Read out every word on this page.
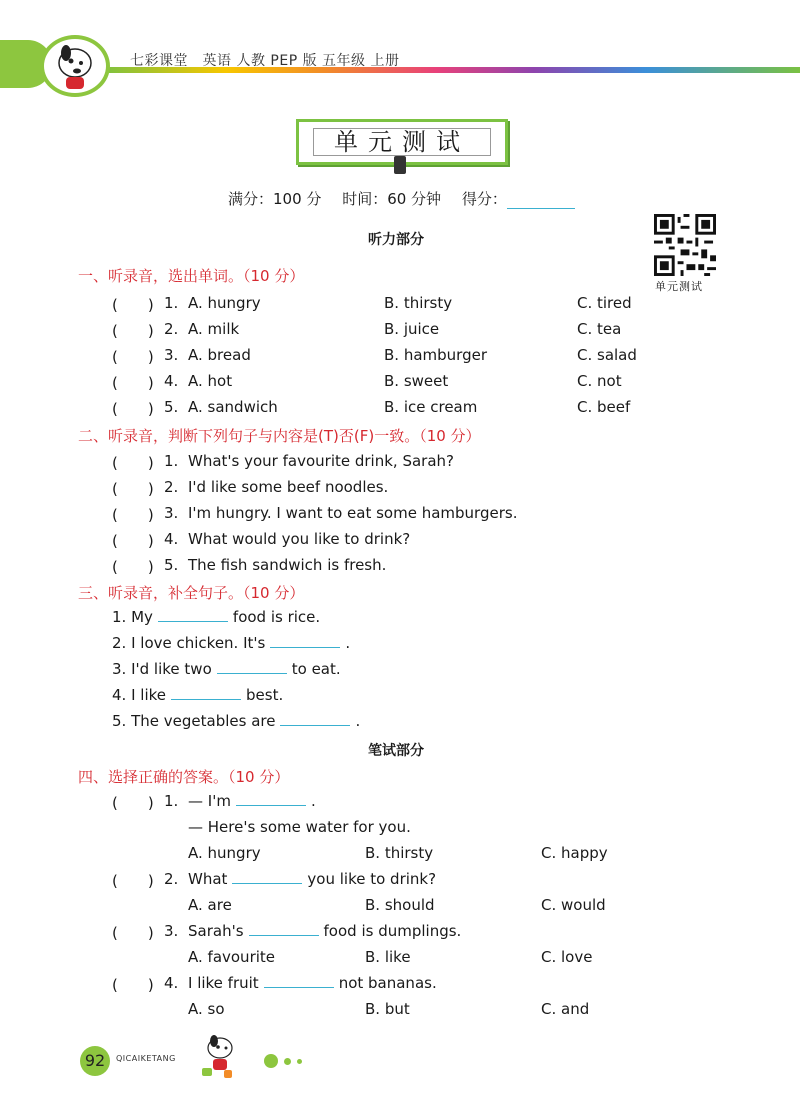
七彩课堂　英语 人教 PEP 版 五年级 上册
单元测试
满分：100 分 时间：60 分钟 得分：
单元测试
听力部分
一、听录音，选出单词。（10 分）
(　　) 1. A. hungry	B. thirsty	C. tired
(　　) 2. A. milk	B. juice	C. tea
(　　) 3. A. bread	B. hamburger	C. salad
(　　) 4. A. hot	B. sweet	C. not
(　　) 5. A. sandwich	B. ice cream	C. beef
二、听录音，判断下列句子与内容是(T)否(F)一致。（10 分）
(　　) 1. What's your favourite drink, Sarah?
(　　) 2. I'd like some beef noodles.
(　　) 3. I'm hungry. I want to eat some hamburgers.
(　　) 4. What would you like to drink?
(　　) 5. The fish sandwich is fresh.
三、听录音，补全句子。（10 分）
1. My	food is rice.
2. I love chicken. It's	.
3. I'd like two	to eat.
4. I like	best.
5. The vegetables are	.
笔试部分
四、选择正确的答案。（10 分）
(　　) 1. — I'm	.
— Here's some water for you.
A. hungry	B. thirsty	C. happy
(　　) 2. What	you like to drink?
A. are	B. should	C. would
(　　) 3. Sarah's	food is dumplings.
A. favourite	B. like	C. love
(　　) 4. I like fruit	not bananas.
A. so	B. but	C. and
92	QICAIKETANG
